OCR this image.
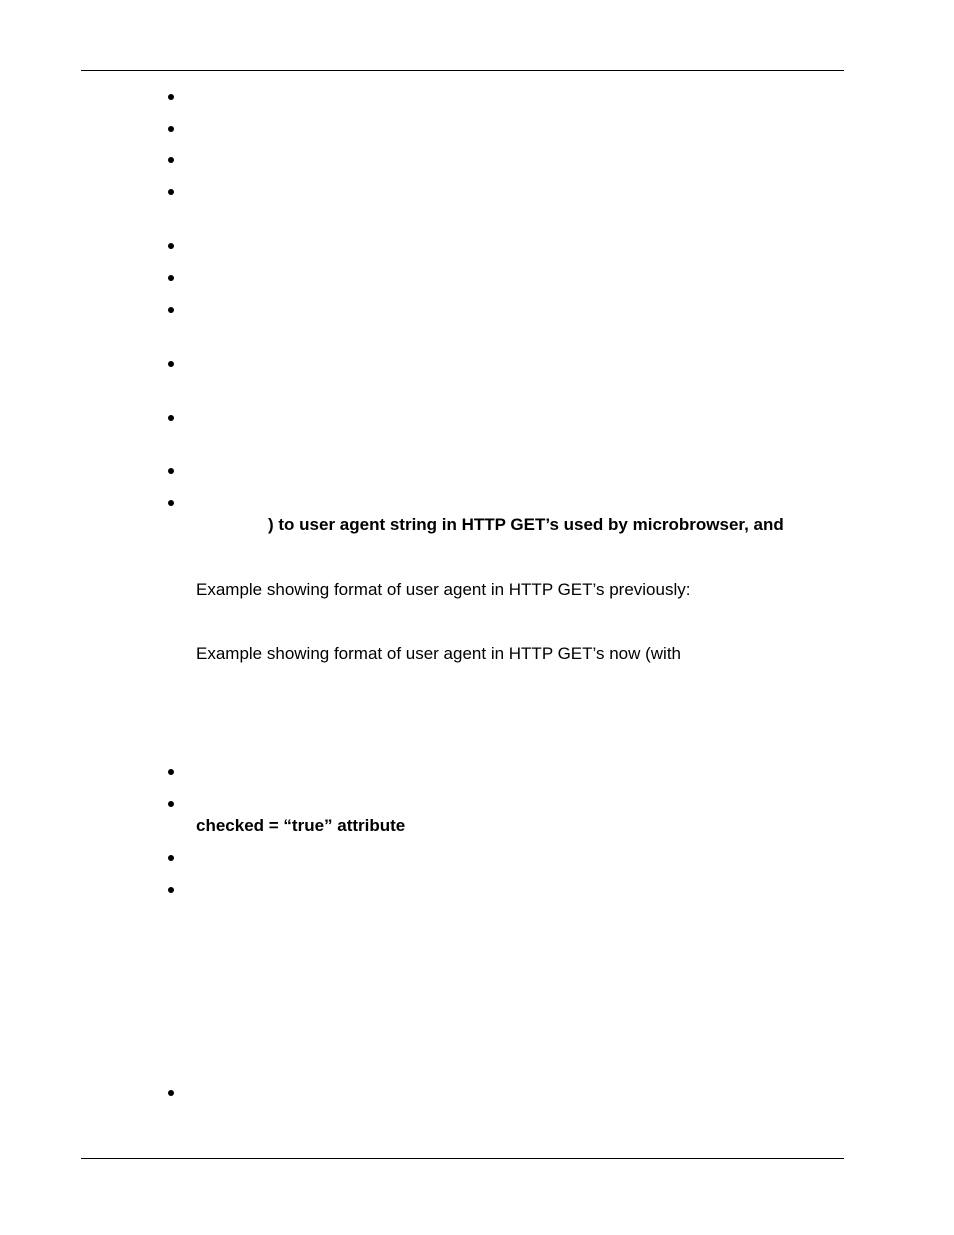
) to user agent string in HTTP GET’s used by microbrowser, and
Example showing format of user agent in HTTP GET’s previously:
Example showing format of user agent in HTTP GET’s now (with
checked = “true” attribute
